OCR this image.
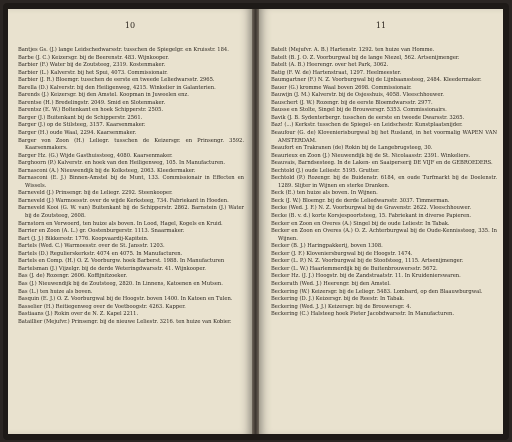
10
Bantjes Gs. (J.) lange Leidschedwarsstr. tusschen de Spiegelgr. en Kruisstr. 184.
Barbe (J. C.) Keizersgr. bij de Beerenstr. 483. Wijnkooper.
Barbier (F.) Water bij de Zoutsteeg, 2319. Kostenmaker.
Barbier (L.) Kalverstr. bij het Spui, 4073. Commissionair.
Barbier (J. R.) Bloemgr. tusschen de eerste en tweede Leliedwarsstr. 2965.
Barella (D.) Kalverstr. bij den Heiligenweg, 4215. Winkelier in Galanterien.
Barends (J.) Keizersgr. bij den Amstel. Koopman in Juweelen enz.
Barentse (H.) Bredelingstr. 2049. Smid en Slotenmaker.
Barentsz (E. W.) Boltenkant en hoek Schipperstr. 2505.
Barger (J.) Buitenkant bij de Schipperstr. 2561.
Barger (J.) op de Stilsteeg, 3157. Kaarsenmaker.
Barger (H.) oude Waal, 2294. Kaarsenmaker.
Barger von Zoon (H.) Leliegr. tusschen de Keizersgr. en Prinsengr. 3592. Kaarsenmakers.
Barger Hz. (G.) Wijde Gasthuissteeg, 4080. Kaarsenmaker.
Barghoorn (P.) Kalverstr. en hoek van den Heiligenweg, 105. In Manufacturen.
Barnasconi (A.) Nieuwendijk bij de Kolksteeg, 2063. Kleedermaker.
Barnasconi (E. J.) Binnen-Amstel bij de Munt, 133. Commissionair in Effecten en Wissels.
Barneveld (J.) Prinsengr. bij de Leliegr. 2292. Steenkooper.
Barneveld (J.) Warmoesstr. over de wijde Kerksteeg, 734. Fabriekant in Hoeden.
Barneveld Kooi (G. W. van) Buitenkant bij de Schipperstr. 2862. Barnstein (J.) Water bij de Zoutsteeg, 2608.
Barnstorn en Verwoerd, ten huize als boven. In Lood, Hagel, Kogels en Kruid.
Barrier en Zoon (A. L.) gr. Oostenburgerstr. 1113. Snaarmaker.
Bart (J. J.) Bikkersstr. 1776. Koopvaardij-Kapitein.
Bartels (Wed. C.) Warmoesstr. over de St. Jansstr. 1203.
Bartels (D.) Regulierskerkstr. 4074 en 4075. In Manufacturen.
Bartels en Comp. (H.) O. Z. Voorburgw. hoek Barberst. 1988. In Manufacturen
Bartelsman (J.) Vijzelgr. bij de derde Weteringdwarsstr. 41. Wijnkooper.
Bas (J. de) Rozengr. 2606. Koffijnitzoeker.
Bas (J.) Nieuwendijk bij de Zoutsteeg, 2820. In Linnens, Katoenen en Mutsen.
Bas (L.) ten huize als boven.
Basquin (E. J.) O. Z. Voorburgwal bij de Hoogstr. boven 1400. In Katoen en Tulen.
Basselier (H.) Reitiegenweg over de Voetboogstr. 4263. Kapper.
Bastiaans (J.) Rokin over de N. Z. Kapel 2211.
Bataillier (Mejufvr.) Prinsengr. bij de nieuwe Leliestr. 3216. ten huize van Kobier.
11
Batelt (Mejufvr. A. B.) Hartenstr. 1292. ten huize van Homme.
Batelt (B. J. O. Z. Voorburgwal bij de lange Niezel, 562. Artsenijmenger.
Batelt (A. B.) Heerengr. over het Park, 3062.
Batig (F. W. de) Hartenstraat, 1297. Heelmeester.
Baumgartner (F.) N. Z. Voorburgwal bij de Lijnbaanssteeg, 2484. Kleedermaker.
Bauer (G.) kromme Waal boven 2698. Commissionair.
Bauwijn (J. M.) Kalverstr. bij de Osjesshuis, 4058. Vleeschhouwer.
Bauschert (J. W.) Rozengr. bij de eerste Bloemdwarsstr. 2977.
Bausse en Stolte, Singel bij de Brouwersgr. 5353. Commissionairs.
Bavik (J. B. Sydenterbergr. tusschen de eerste en tweede Dwarsstr. 3265.
Baz! (...) Kerkstr. tusschen de Spiegel- en Leidschestr. Kunstplaatsnijder.
Beaufour (G. de) Klovenierisburgwal bij het Rusland, in het voormalig WAPEN VAN AMSTERDAM.
Beaufort en Trakranen (de) Rokin bij de Langebrugsteeg, 30.
Beaurieux en Zoon (J.) Nieuwendijk bij de St. Nicolaasstr. 2391. Winkeliers.
Beauvais, Barndsesteeg. In de Laken- en Saaiperserij DE VIJF en de GEBROEDERS.
Bechtold (J.) oude Leliestr. 5195. Grutter.
Bechtold (P.) Rozengr. bij de Buidenstr. 6184, en oude Turfmarkt bij de Doelenstr. 1289. Slijter in Wijnen en sterke Dranken.
Beck (E.) ten huize als boven. In Wijnen.
Beck (J. W.) Bloemgr. bij de derde Leliedwarsstr. 3037. Timmerman.
Becke (Wed. J. F.) N. Z. Voorburgwal bij de Gravenstr. 2622. Vleeschhouwer.
Becke (B. v. d.) korte Korsjespoortsteeg, 15. Fabriekant in diverse Papieren.
Becker en Zoon en Overes (A.) Singel bij de oude Leliestr. In Tabak.
Becker en Zoon en Overes (A.) O. Z. Achterburgwal bij de Oude-Kennissteeg, 335. In Wijnen.
Becker (B. J.) Haringpakkerij, boven 1308.
Becker (J. F.) Kloveniersburgwal bij de Hoogstr. 1474.
Becker (L. P.) N. Z. Voorburgwal bij de Stoofsteeg, 1115. Artsenijmenger.
Becker (L. W.) Haarlemmerdijk bij de Buitenbrouwersstr. 5672.
Becker Hz. (J. J.) Hoogstr. bij de Zandstraatstr. 11. In Kruidenierswaren.
Beckerath (Wed. J.) Heerengr. bij den Amstel.
Beckering (W.) Keizersgr. bij de Leliegr. 5483. Lombard, op den Blaauwburgwal.
Beckering (D. J.) Keizersgr. bij de Reestr. In Tabak.
Beckering (Wed. J. J.) Keizersgr. bij de Brouwersgr. 4.
Beckering (C.) Halsteeg hoek Pieter Jacobdwarsstr. In Manufacturen.
